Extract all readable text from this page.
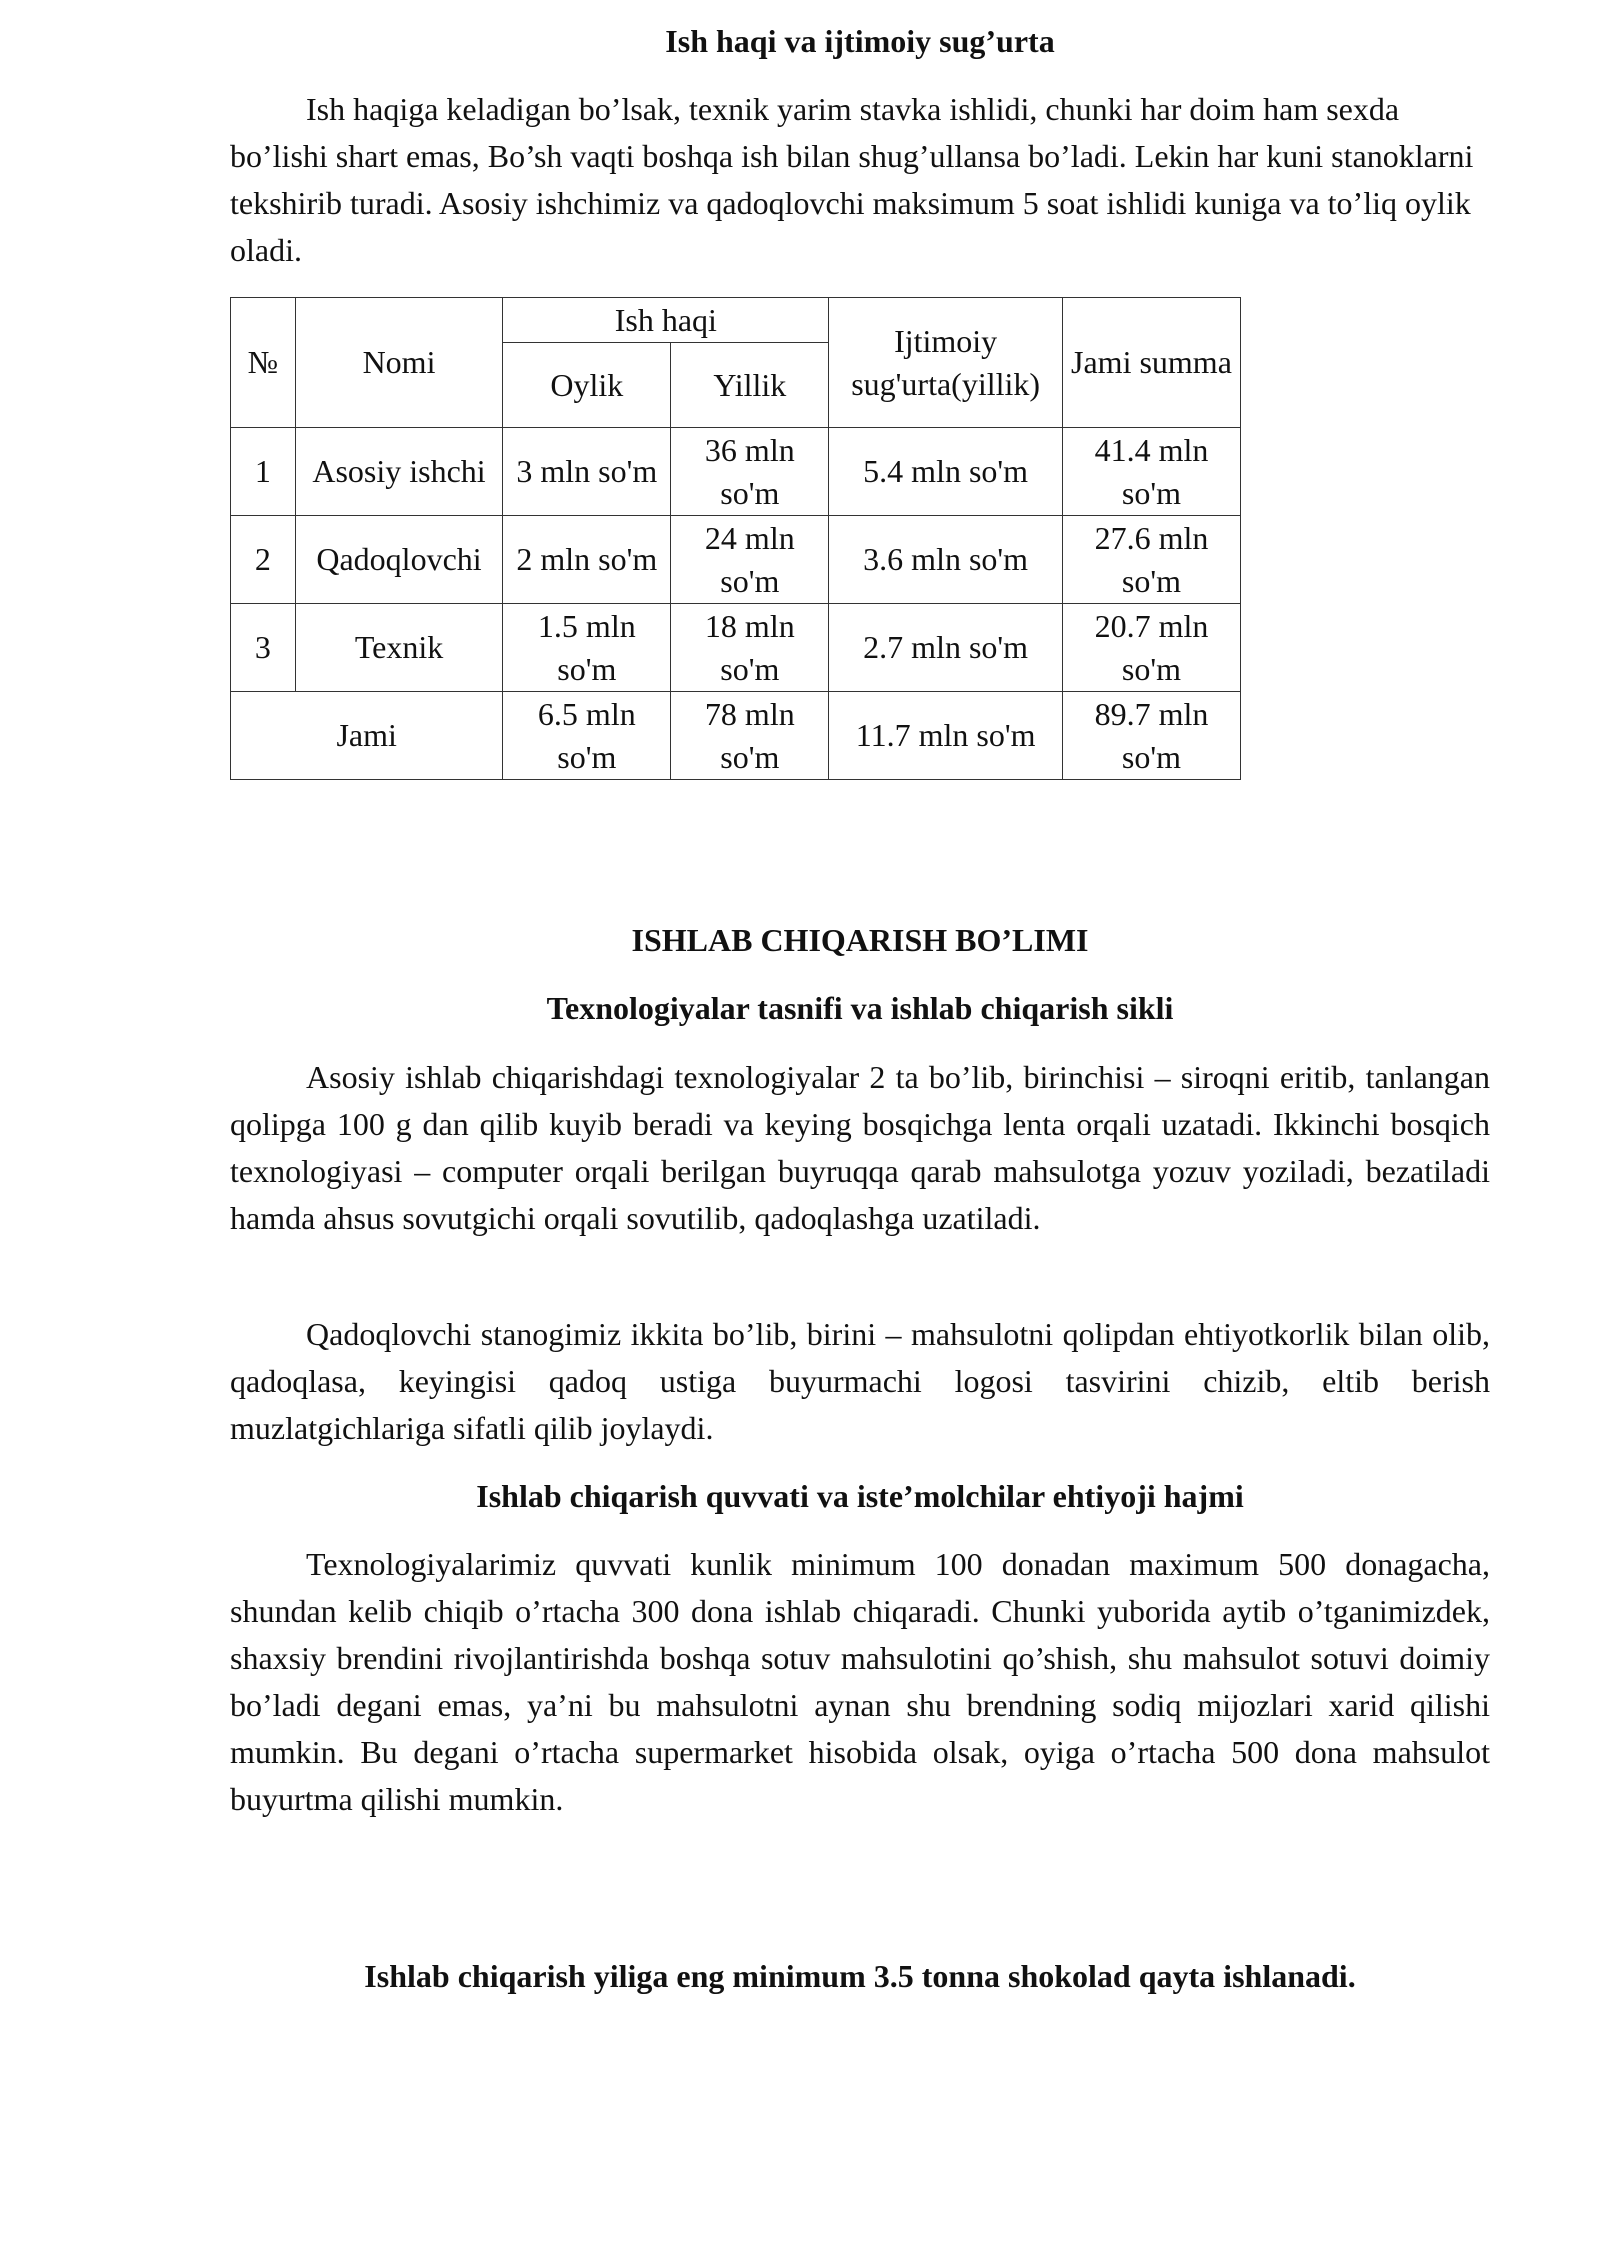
Ish haqi va ijtimoiy sug’urta

Ish haqiga keladigan bo’lsak, texnik yarim stavka ishlidi, chunki har doim ham sexda bo’lishi shart emas, Bo’sh vaqti boshqa ish bilan shug’ullansa bo’ladi. Lekin har kuni stanoklarni tekshirib turadi. Asosiy ishchimiz va qadoqlovchi maksimum 5 soat ishlidi kuniga va to’liq oylik oladi.

№	Nomi	Ish haqi		Ijtimoiy sug'urta(yillik)	Jami summa
		Oylik	Yillik		
1	Asosiy ishchi	3 mln so'm	36 mln so'm	5.4 mln so'm	41.4 mln so'm
2	Qadoqlovchi	2 mln so'm	24 mln so'm	3.6 mln so'm	27.6 mln so'm
3	Texnik	1.5 mln so'm	18 mln so'm	2.7 mln so'm	20.7 mln so'm
Jami		6.5 mln so'm	78 mln so'm	11.7 mln so'm	89.7 mln so'm
ISHLAB CHIQARISH BO’LIMI
Texnologiyalar tasnifi va ishlab chiqarish sikli

Asosiy ishlab chiqarishdagi texnologiyalar 2 ta bo’lib, birinchisi – siroqni eritib, tanlangan qolipga 100 g dan qilib kuyib beradi va keying bosqichga lenta orqali uzatadi. Ikkinchi bosqich texnologiyasi – computer orqali berilgan buyruqqa qarab mahsulotga yozuv yoziladi, bezatiladi hamda ahsus sovutgichi orqali sovutilib, qadoqlashga uzatiladi.

Qadoqlovchi stanogimiz ikkita bo’lib, birini – mahsulotni qolipdan ehtiyotkorlik bilan olib, qadoqlasa, keyingisi qadoq ustiga buyurmachi logosi tasvirini chizib, eltib berish muzlatgichlariga sifatli qilib joylaydi.

Ishlab chiqarish quvvati va iste’molchilar ehtiyoji hajmi

Texnologiyalarimiz quvvati kunlik minimum 100 donadan maximum 500 donagacha, shundan kelib chiqib o’rtacha 300 dona ishlab chiqaradi. Chunki yuborida aytib o’tganimizdek, shaxsiy brendini rivojlantirishda boshqa sotuv mahsulotini qo’shish, shu mahsulot sotuvi doimiy bo’ladi degani emas, ya’ni bu mahsulotni aynan shu brendning sodiq mijozlari xarid qilishi mumkin. Bu degani o’rtacha supermarket hisobida olsak, oyiga o’rtacha 500 dona mahsulot buyurtma qilishi mumkin.

Ishlab chiqarish yiligа eng minimum 3.5 tonna shokolad qayta ishlanadi.
